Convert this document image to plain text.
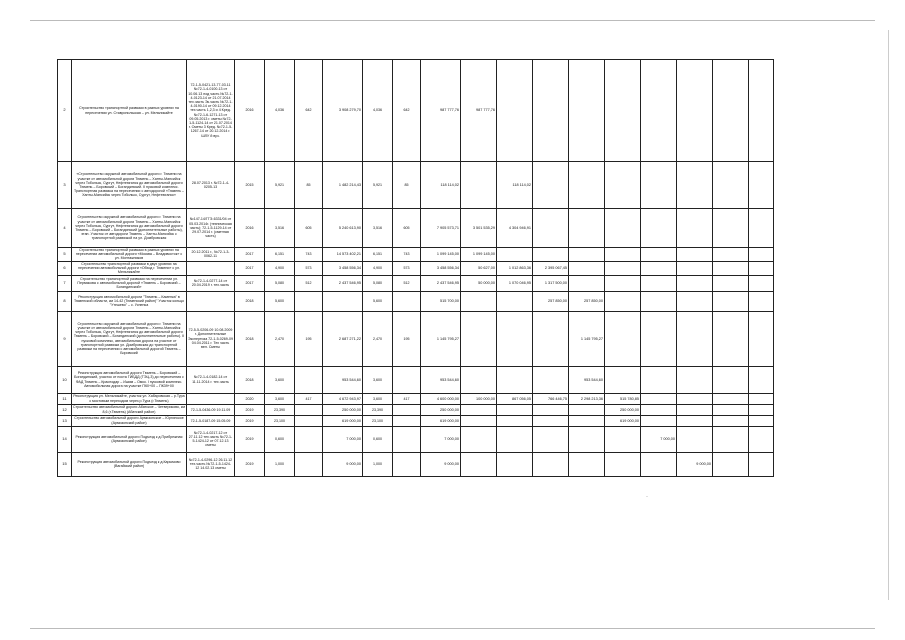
2	Строительство транспортной развязки в разных уровнях на пересечении ул. Ставропольская – ул. Мельникайте	72-1-5-0421-13-77-03.11 №72-1-4-0100-13 от 10.06.13 под часть №72-1-4-0123-14 от 21.07.2014 тех.часть Эк.часть №72-1-4-0190-14 от 09.12.2014 тех.часть 1,2,3 и 4 Кред.№72-1-6-1271-13 от 09.05.2013 г. сметы №72-1-5-1124-14 от 21.07.2014 г. Сметы 3 Кред. №72-1-5-1267-14 от 20.12.2014 г. ШЛУ й вуз.	2016	4,036	642	3 908 279,70	4,036	642	987 777,76	987 777,76								
3	«Строительство окружной автомобильной дороги г. Тюмени на участке от автомобильной дороги Тюмень – Ханты-Мансийск через Тобольск, Сургут, Нефтеюганск до автомобильной дороги Тюмень – Боровский – Богандинский. II пусковой комплекс. Транспортная развязка на пересечении с автодорогой «Тюмень – Ханты-Мансийск через Тобольск, Сургут, Нефтеюганск»	28.07.2013 г. №72-1-4-0205-13	2015	5,921	85	1 482 214,43	5,921	85	118 114,02		118 114,02							
4	Строительство окружной автомобильной дороги г. Тюмени на участке от автомобильной дороги Тюмень – Ханты-Мансийск через Тобольск, Сургут, Нефтеюганск до автомобильной дороги Тюмень – Боровский – Богандинский (дополнительные работы), этап. Участок от автодороги Тюмень – Ханты-Мансийск с транспортной развязкой на ул. Домбровская	№147-14/ГГЭ-6331/04 от 05.03.2014г. (техническая часть); 72-1-5-1129-14 от 29.07.2014 г. (сметная часть)	2016	3,516	605	5 240 613,90	3,516	605	7 905 573,71	3 501 535,29	4 304 946,91							
5	Строительство транспортной развязки в разных уровнях на пересечении автомобильной дороги «Москва – Владивосток» с ул. Монтажников	20.12.2011 г., №72-1-3-0062-11	2017	6,151	743	14 573 402,21	6,151	743	1 099 145,00	1 099 145,00								
6	Строительство транспортной развязки в двух уровнях на пересечении автомобильной дороги «Обход г. Тюмени» с ул. Мельникайте		2017	4,900	573	3 458 556,34	4,900	573	3 458 556,34	50 627,00	1 012 863,36	2 395 067,45						
7	Строительство транспортной развязки на пересечении ул. Пермякова с автомобильной дорогой «Тюмень – Боровский – Богандинский»	№72-1-4-0277-14 от 20.04.2019 г. тех.часть	2017	5,080	512	2 437 546,95	5,080	512	2 437 546,95	50 000,00	1 070 046,95	1 317 500,00						
8	Реконструкция автомобильной дороги "Тюмень – Каменка" в Тюменской области, км 14-42 (Тюменский район)" Участок кольцо "Утешево" – с. Успенка		2018	5,600			5,600		515 700,00			257 850,00	257 850,00					
9	Строительство окружной автомобильной дороги г. Тюмени на участке от автомобильной дороги Тюмень – Ханты-Мансийск через Тобольск, Сургут, Нефтеюганск до автомобильной дороги Тюмень – Боровский – Богандинский (дополнительные работы). II пусковой комплекс, автомобильная дорога на участке от транспортной развязки ул. Домбровская до транспортной развязки на пересечении с автомобильной дорогой Тюмень – Боровский	72-5-5-0206-09 10.08.2009 г. Дополнительные Экспертиза 72-1-5-0269-09 04.04.2011 г. Тех часть вел. Сметы	2018	2,470	195	2 687 271,22	2,470	195	1 145 795,27				1 145 795,27					
10	Реконструкция автомобильной дороги Тюмень – Боровский – Богандинский, участок от поста ГИБДД (ТЭЦ-3) до пересечения с ФАД Тюмень – Краснодар – Ишим – Омск. I пусковой комплекс. Автомобильная дорога на участке ПК0+00 – ПК39+00	№72-1-4-0182-14 от 11.11.2014 г. тех.часть	2018	3,600		953 544,60	3,600		953 544,60				953 544,60					
11	Реконструкция ул. Мельникайте, участок ул. Хабаровская – р.Тура с мостовым переходом через р.Тура (г.Тюмень)		2020	3,600	417	4 672 943,97	3,600	417	4 600 000,00	100 000,00	867 056,05	766 446,75	2 298 213,36	515 780,85				
12	Строительство автомобильной дороги Абатское – Четвериково, км 8,6 (г.Тюмень) (Абатский район)	72-1-5-0436-09 19.11.09	2019	23,390		250 000,00	23,390		250 000,00					250 000,00				
13	Строительство автомобильной дороги Армизонское – Юргинское (Армизонский район)	72-1-5-0187-09 15.05.09	2019	23,100		619 000,00	23,100		619 000,00					619 000,00				
14	Реконструкция автомобильной дороги Подъезд к д.Прибрежная (Армизонский район)	№72-1-4-0217-12 от 27.11.12 тех.часть №72-1-5-1424-12 от 07.12.13 сметы	2019	0,600		7 000,00	0,600		7 000,00						7 000,00			
15	Реконструкция автомобильной дороги Подъезд к д.Карымово (Вагайский район)	№72-1-4-0296-12 26.11.12 тех.часть №72-1-5-1424-12 14.02.13 сметы	2019	1,000		9 000,00	1,000		9 000,00							9 000,00		
·
